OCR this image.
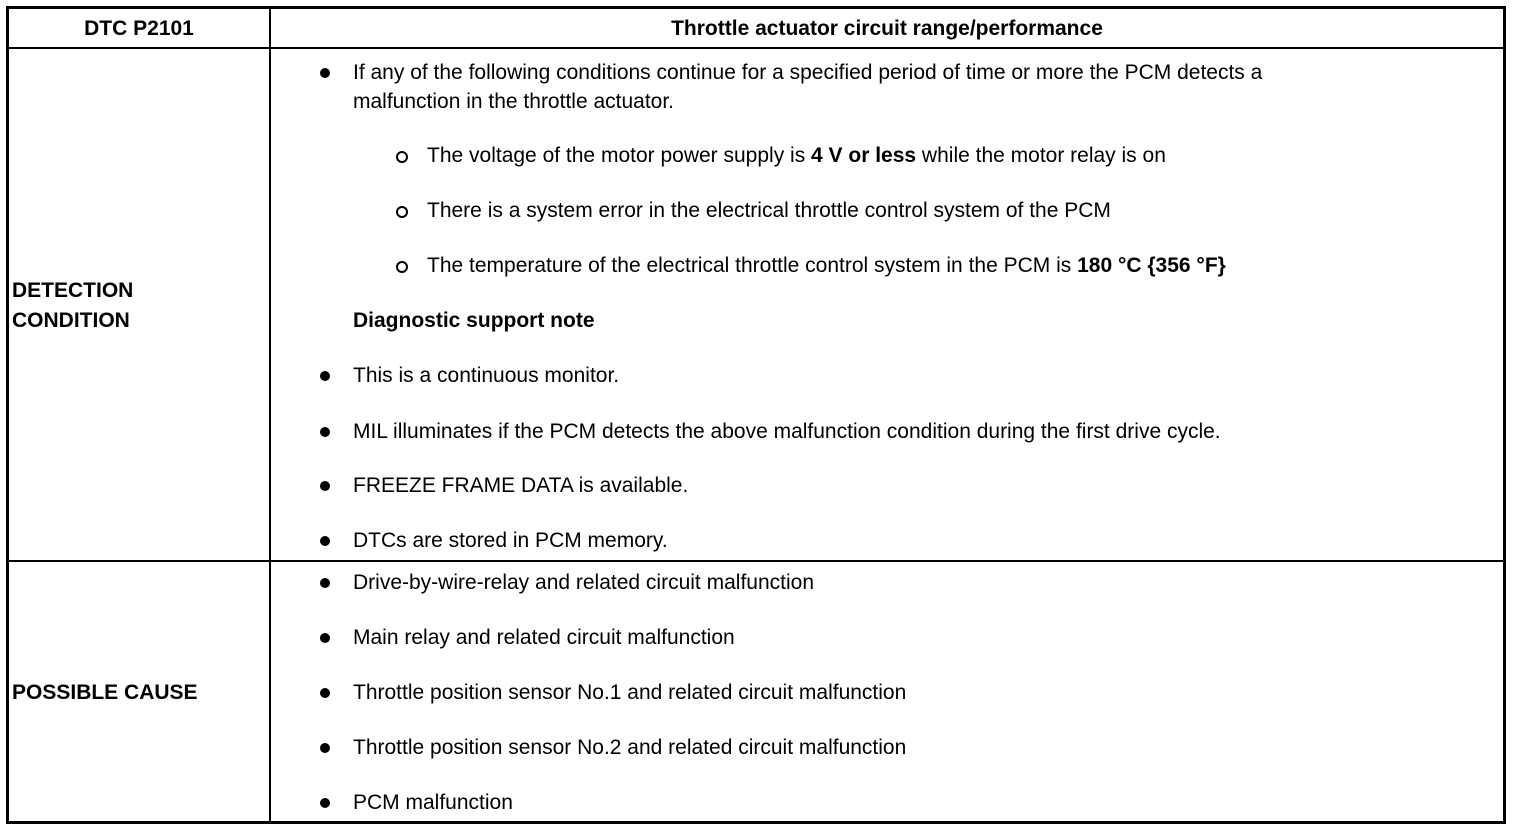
DTC P2101	Throttle actuator circuit range/performance
DETECTION
CONDITION
If any of the following conditions continue for a specified period of time or more the PCM detects a
malfunction in the throttle actuator.
The voltage of the motor power supply is 4 V or less while the motor relay is on
There is a system error in the electrical throttle control system of the PCM
The temperature of the electrical throttle control system in the PCM is 180 °C {356 °F}
Diagnostic support note
This is a continuous monitor.
MIL illuminates if the PCM detects the above malfunction condition during the first drive cycle.
FREEZE FRAME DATA is available.
DTCs are stored in PCM memory.
POSSIBLE CAUSE
Drive-by-wire-relay and related circuit malfunction
Main relay and related circuit malfunction
Throttle position sensor No.1 and related circuit malfunction
Throttle position sensor No.2 and related circuit malfunction
PCM malfunction
